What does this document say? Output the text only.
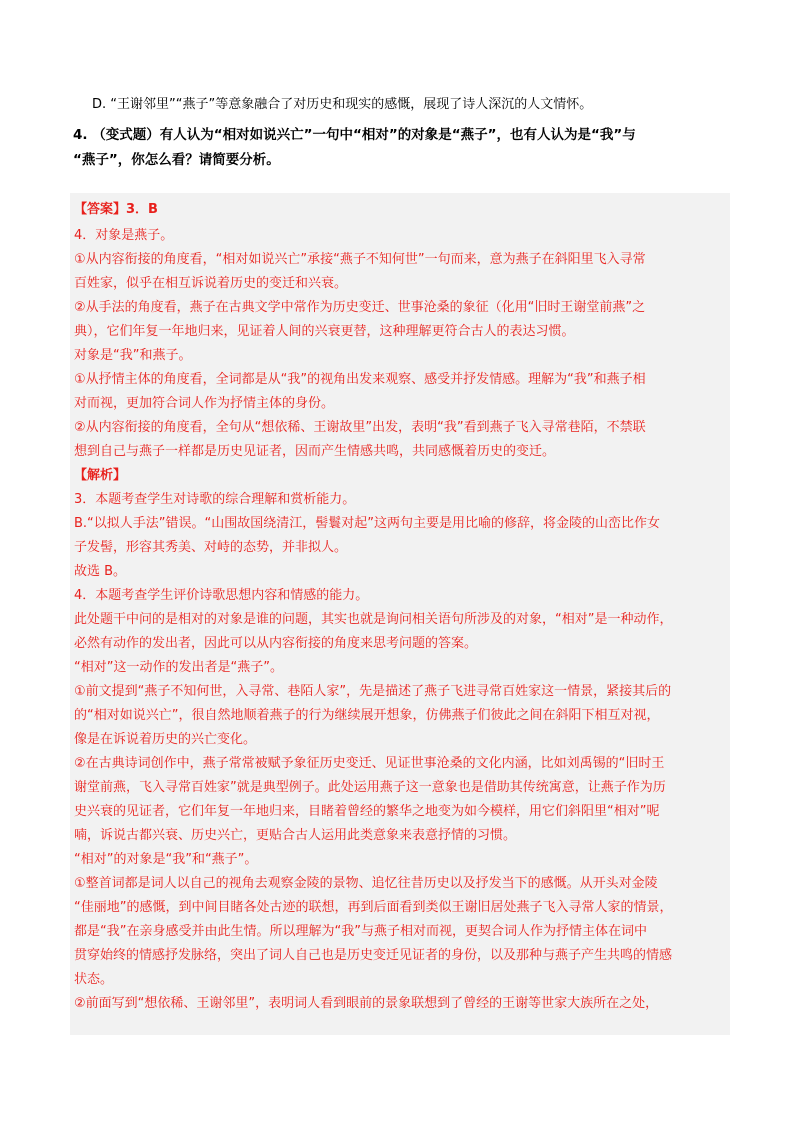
D. “王谢邻里”“燕子”等意象融合了对历史和现实的感慨，展现了诗人深沉的人文情怀。
4. （变式题）有人认为“相对如说兴亡”一句中“相对”的对象是“燕子”，也有人认为是“我”与
“燕子”，你怎么看？请简要分析。
【答案】3．B
4．对象是燕子。
①从内容衔接的角度看，“相对如说兴亡”承接“燕子不知何世”一句而来，意为燕子在斜阳里飞入寻常
百姓家，似乎在相互诉说着历史的变迁和兴衰。
②从手法的角度看，燕子在古典文学中常作为历史变迁、世事沧桑的象征（化用“旧时王谢堂前燕”之
典），它们年复一年地归来，见证着人间的兴衰更替，这种理解更符合古人的表达习惯。
对象是“我”和燕子。
①从抒情主体的角度看，全词都是从“我”的视角出发来观察、感受并抒发情感。理解为“我”和燕子相
对而视，更加符合词人作为抒情主体的身份。
②从内容衔接的角度看，全句从“想依稀、王谢故里”出发，表明“我”看到燕子飞入寻常巷陌，不禁联
想到自己与燕子一样都是历史见证者，因而产生情感共鸣，共同感慨着历史的变迁。
【解析】
3．本题考查学生对诗歌的综合理解和赏析能力。
B.“以拟人手法”错误。“山围故国绕清江，髻鬟对起”这两句主要是用比喻的修辞，将金陵的山峦比作女
子发髻，形容其秀美、对峙的态势，并非拟人。
故选 B。
4．本题考查学生评价诗歌思想内容和情感的能力。
此处题干中问的是相对的对象是谁的问题，其实也就是询问相关语句所涉及的对象，“相对”是一种动作，
必然有动作的发出者，因此可以从内容衔接的角度来思考问题的答案。
“相对”这一动作的发出者是“燕子”。
①前文提到“燕子不知何世，入寻常、巷陌人家”，先是描述了燕子飞进寻常百姓家这一情景，紧接其后的
的“相对如说兴亡”，很自然地顺着燕子的行为继续展开想象，仿佛燕子们彼此之间在斜阳下相互对视，
像是在诉说着历史的兴亡变化。
②在古典诗词创作中，燕子常常被赋予象征历史变迁、见证世事沧桑的文化内涵，比如刘禹锡的“旧时王
谢堂前燕，飞入寻常百姓家”就是典型例子。此处运用燕子这一意象也是借助其传统寓意，让燕子作为历
史兴衰的见证者，它们年复一年地归来，目睹着曾经的繁华之地变为如今模样，用它们斜阳里“相对”呢
喃，诉说古都兴衰、历史兴亡，更贴合古人运用此类意象来表意抒情的习惯。
“相对”的对象是“我”和“燕子”。
①整首词都是词人以自己的视角去观察金陵的景物、追忆往昔历史以及抒发当下的感慨。从开头对金陵
“佳丽地”的感慨，到中间目睹各处古迹的联想，再到后面看到类似王谢旧居处燕子飞入寻常人家的情景，
都是“我”在亲身感受并由此生情。所以理解为“我”与燕子相对而视，更契合词人作为抒情主体在词中
贯穿始终的情感抒发脉络，突出了词人自己也是历史变迁见证者的身份，以及那种与燕子产生共鸣的情感
状态。
②前面写到“想依稀、王谢邻里”，表明词人看到眼前的景象联想到了曾经的王谢等世家大族所在之处，
